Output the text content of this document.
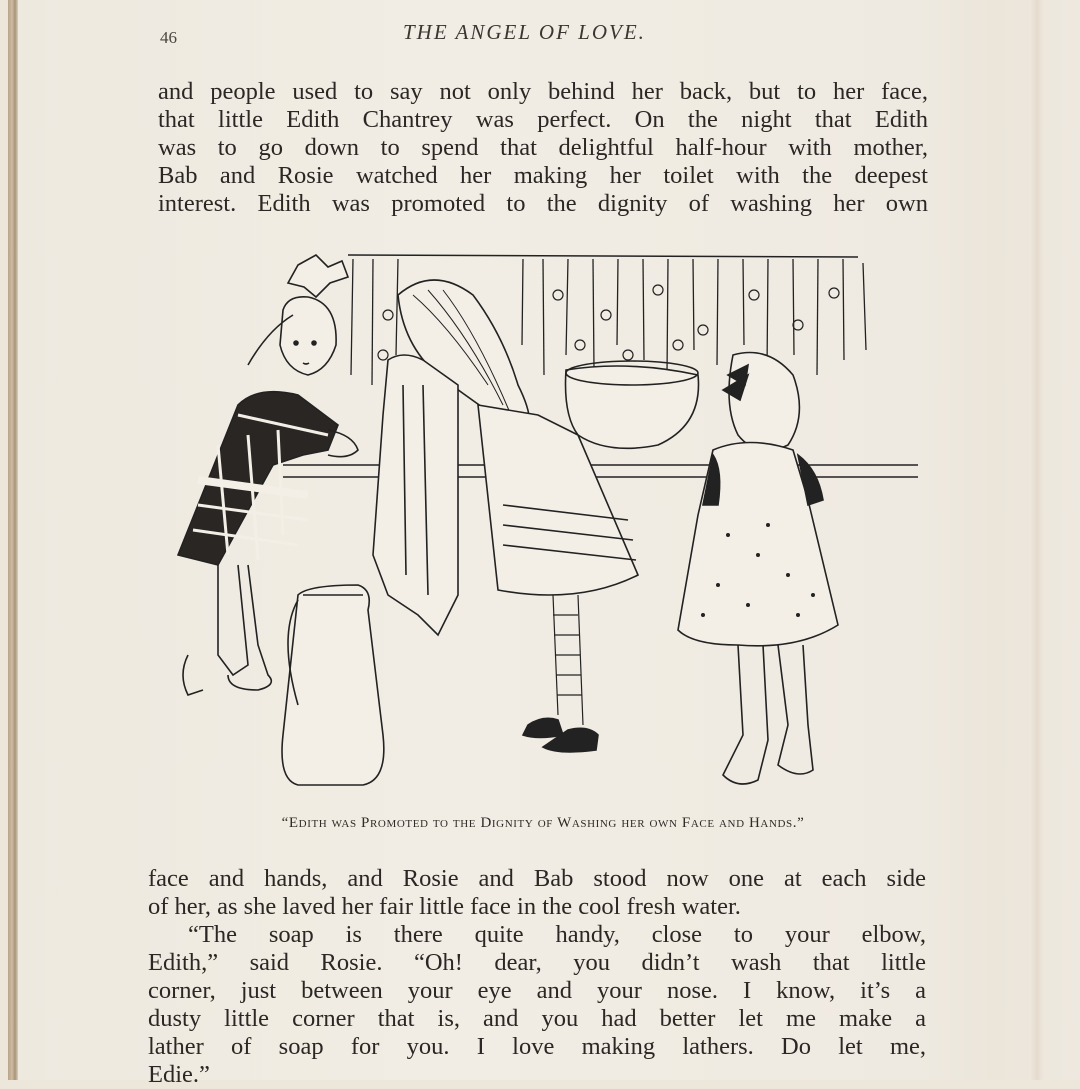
46	THE ANGEL OF LOVE.
and people used to say not only behind her back, but to her face,
that little Edith Chantrey was perfect. On the night that Edith
was to go down to spend that delightful half-hour with mother,
Bab and Rosie watched her making her toilet with the deepest
interest. Edith was promoted to the dignity of washing her own
“Edith was Promoted to the Dignity of Washing her own Face and Hands.”
face and hands, and Rosie and Bab stood now one at each side
of her, as she laved her fair little face in the cool fresh water.
“The soap is there quite handy, close to your elbow,
Edith,” said Rosie. “Oh! dear, you didn’t wash that little
corner, just between your eye and your nose. I know, it’s a
dusty little corner that is, and you had better let me make a
lather of soap for you. I love making lathers. Do let me,
Edie.”
